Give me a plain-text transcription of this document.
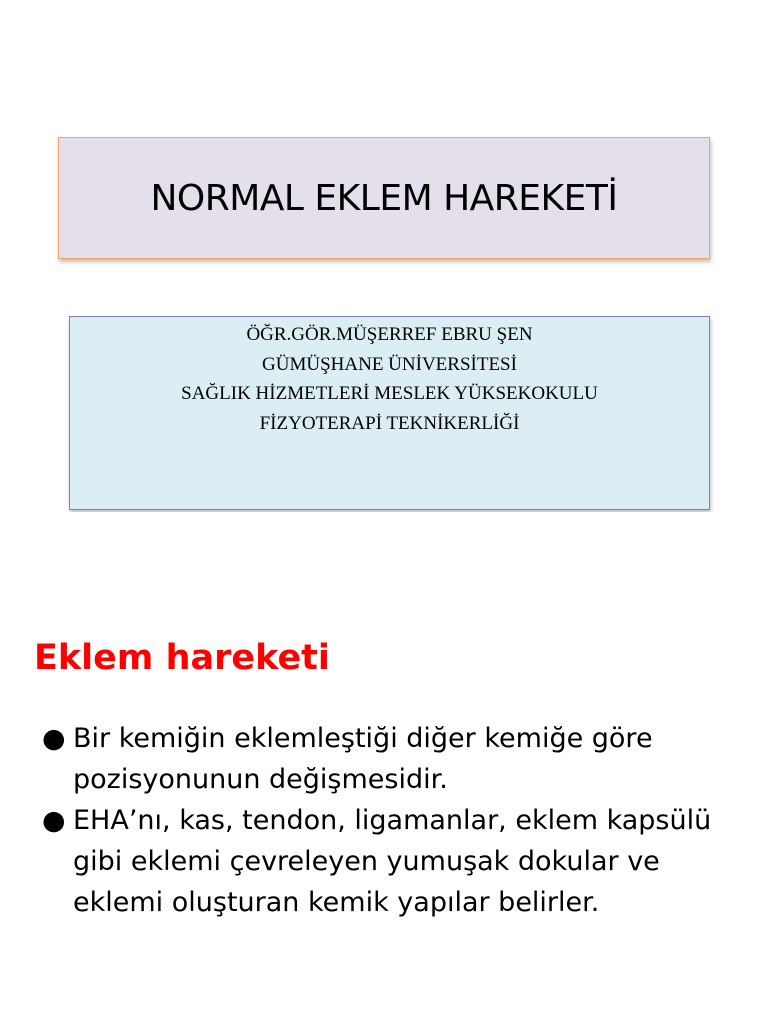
NORMAL EKLEM HAREKETİ
ÖĞR.GÖR.MÜŞERREF EBRU ŞEN
GÜMÜŞHANE ÜNİVERSİTESİ
SAĞLIK HİZMETLERİ MESLEK YÜKSEKOKULU
FİZYOTERAPİ TEKNİKERLİĞİ
Eklem hareketi
● Bir kemiğin eklemleştiği diğer kemiğe göre pozisyonunun değişmesidir.
● EHA’nı, kas, tendon, ligamanlar, eklem kapsülü gibi eklemi çevreleyen yumuşak dokular ve eklemi oluşturan kemik yapılar belirler.
